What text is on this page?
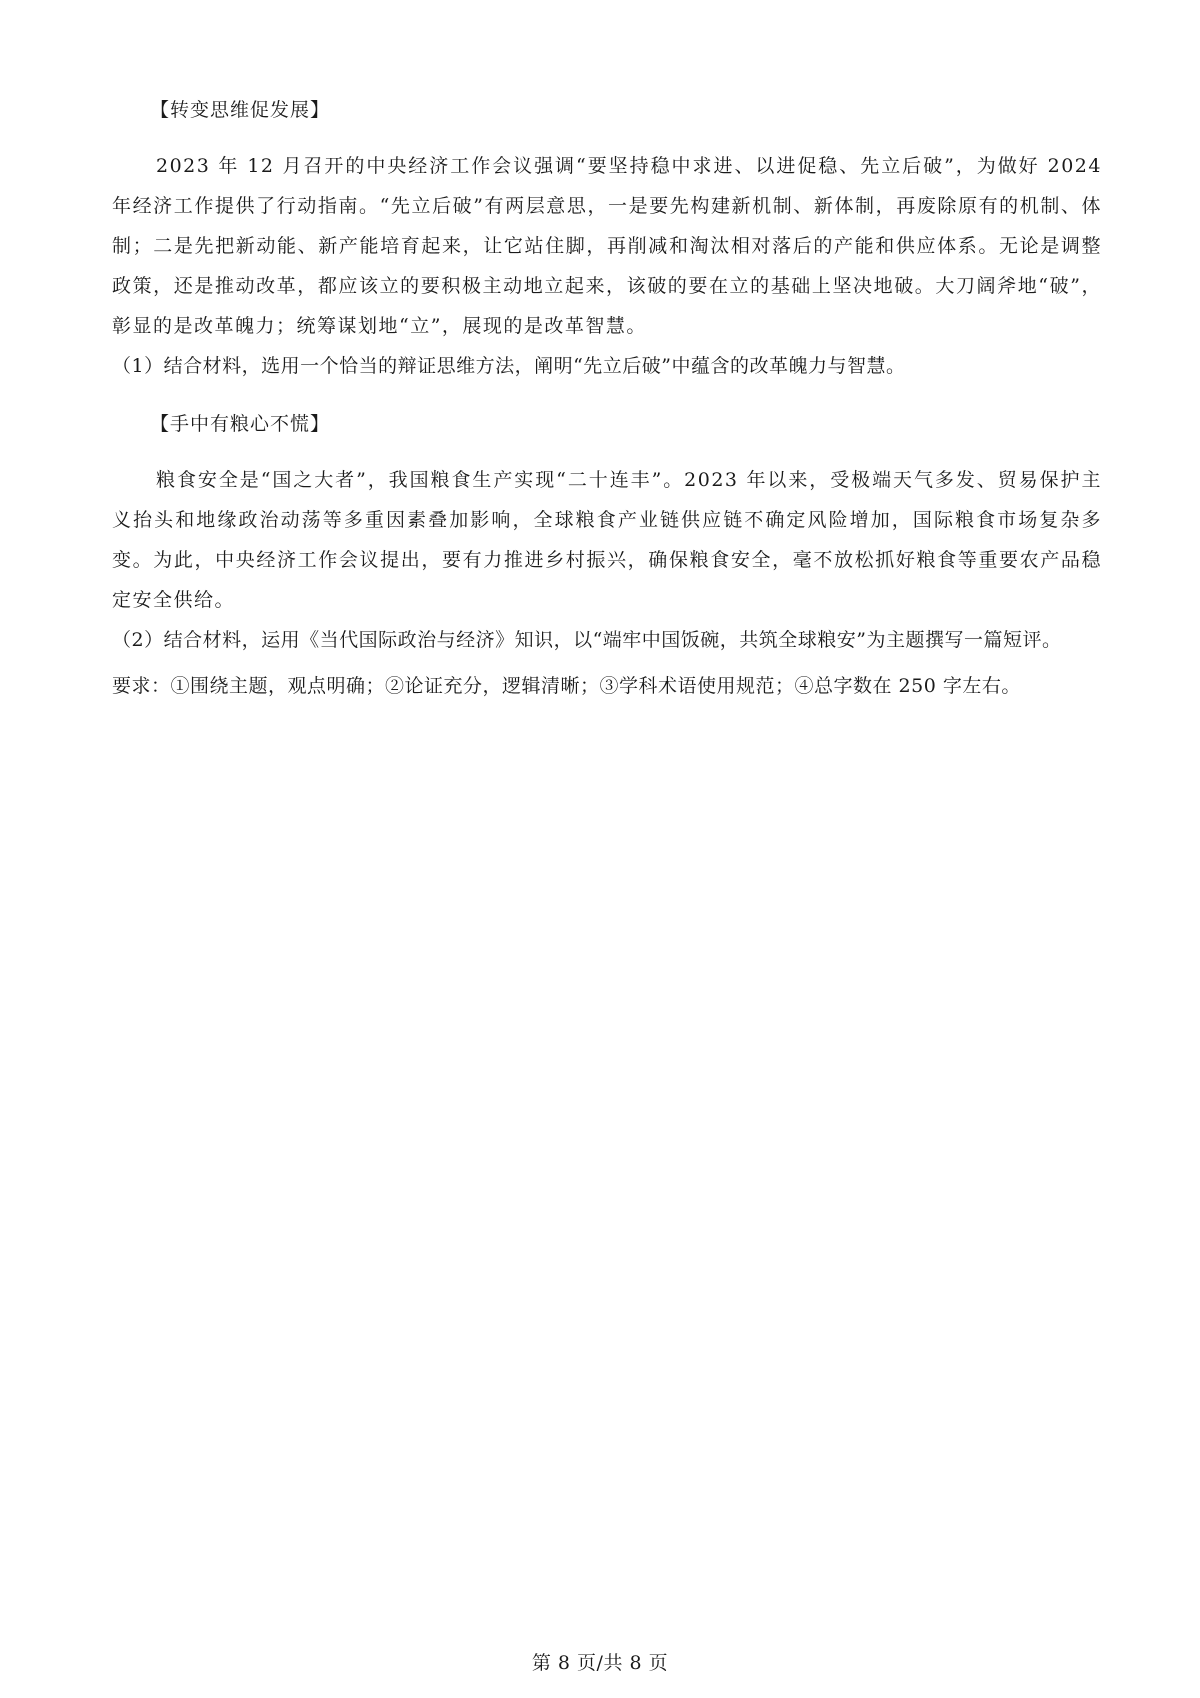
【转变思维促发展】

2023 年 12 月召开的中央经济工作会议强调“要坚持稳中求进、以进促稳、先立后破”，为做好 2024 年经济工作提供了行动指南。“先立后破”有两层意思，一是要先构建新机制、新体制，再废除原有的机制、体制；二是先把新动能、新产能培育起来，让它站住脚，再削减和淘汰相对落后的产能和供应体系。无论是调整政策，还是推动改革，都应该立的要积极主动地立起来，该破的要在立的基础上坚决地破。大刀阔斧地“破”，彰显的是改革魄力；统筹谋划地“立”，展现的是改革智慧。

（1）结合材料，选用一个恰当的辩证思维方法，阐明“先立后破”中蕴含的改革魄力与智慧。

【手中有粮心不慌】

粮食安全是“国之大者”，我国粮食生产实现“二十连丰”。2023 年以来，受极端天气多发、贸易保护主义抬头和地缘政治动荡等多重因素叠加影响，全球粮食产业链供应链不确定风险增加，国际粮食市场复杂多变。为此，中央经济工作会议提出，要有力推进乡村振兴，确保粮食安全，毫不放松抓好粮食等重要农产品稳定安全供给。

（2）结合材料，运用《当代国际政治与经济》知识，以“端牢中国饭碗，共筑全球粮安”为主题撰写一篇短评。

要求：①围绕主题，观点明确；②论证充分，逻辑清晰；③学科术语使用规范；④总字数在 250 字左右。

第 8 页/共 8 页
